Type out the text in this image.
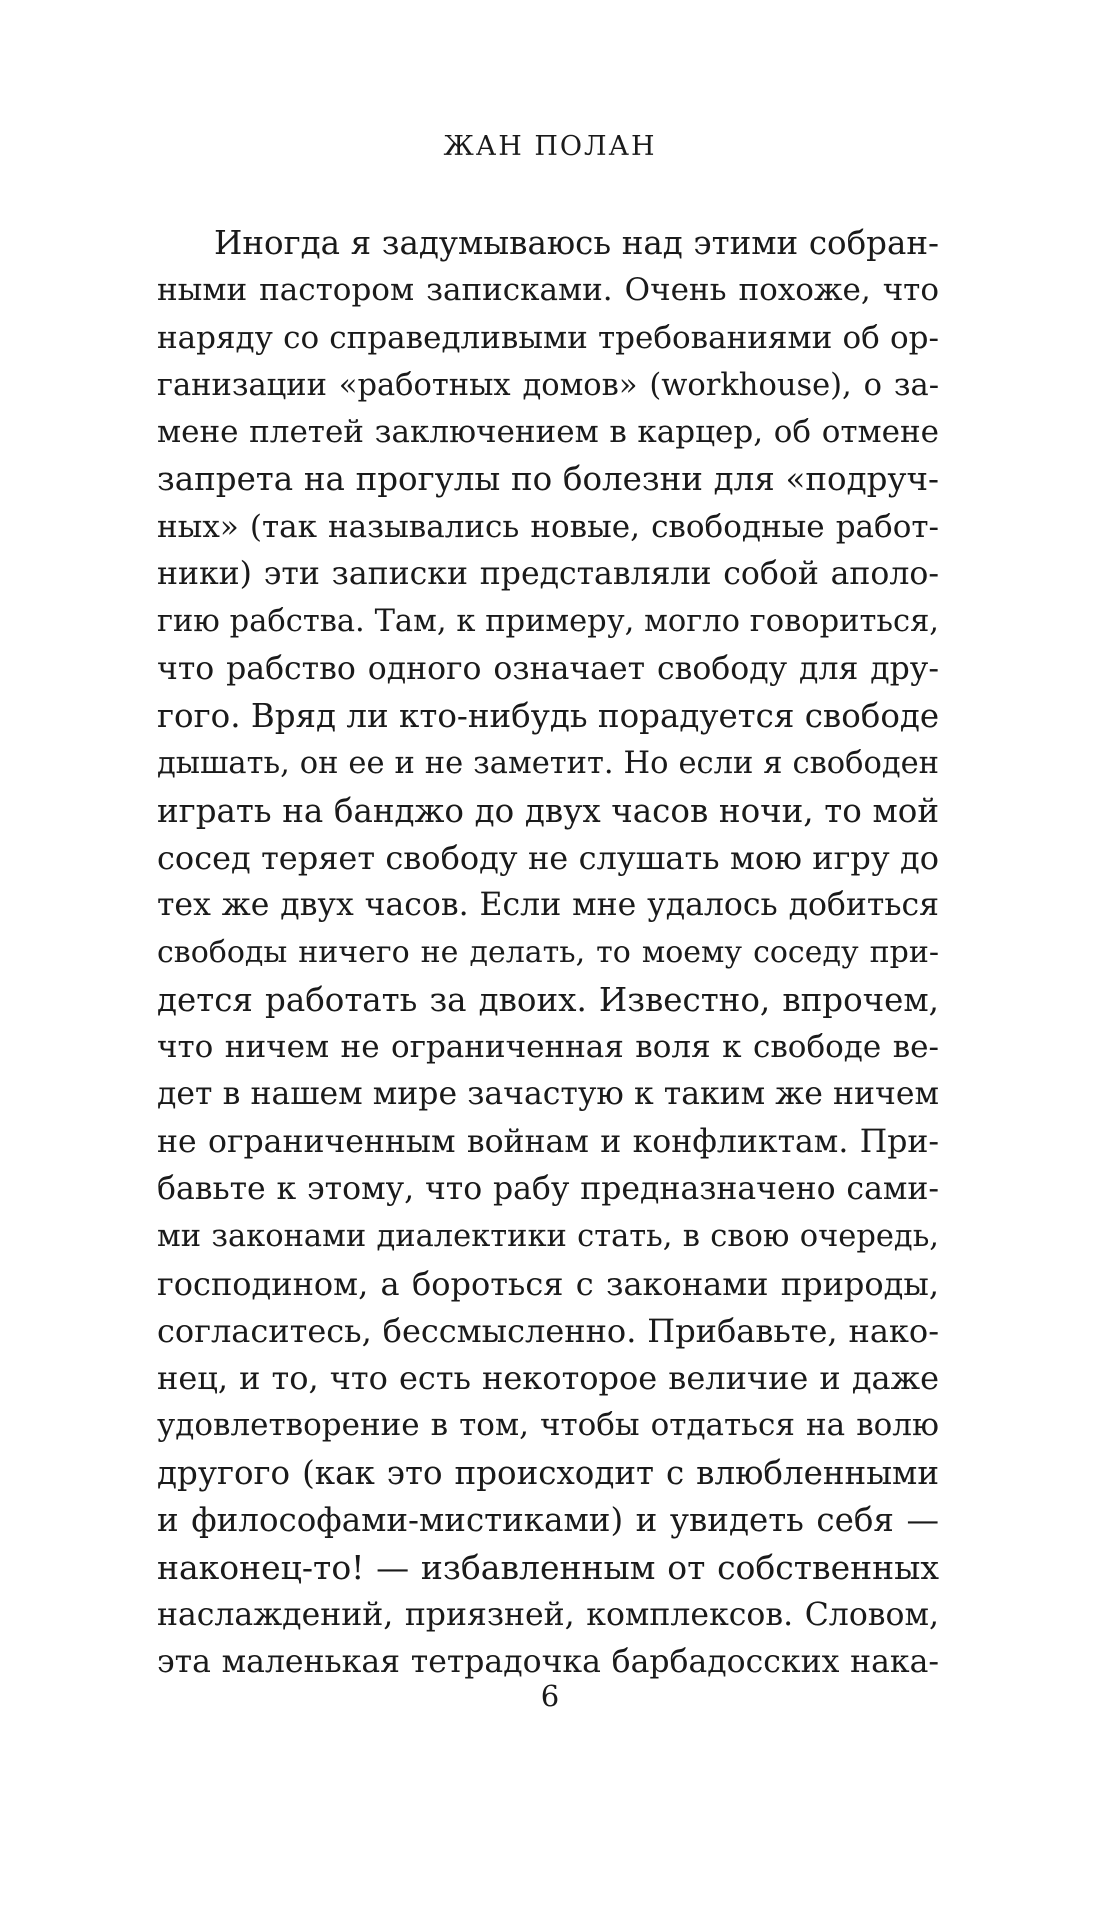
ЖАН ПОЛАН
Иногда я задумываюсь над этими собран-
ными пастором записками. Очень похоже, что
наряду со справедливыми требованиями об ор-
ганизации «работных домов» (workhouse), о за-
мене плетей заключением в карцер, об отмене
запрета на прогулы по болезни для «подруч-
ных» (так назывались новые, свободные работ-
ники) эти записки представляли собой аполо-
гию рабства. Там, к примеру, могло говориться,
что рабство одного означает свободу для дру-
гого. Вряд ли кто-нибудь порадуется свободе
дышать, он ее и не заметит. Но если я свободен
играть на банджо до двух часов ночи, то мой
сосед теряет свободу не слушать мою игру до
тех же двух часов. Если мне удалось добиться
свободы ничего не делать, то моему соседу при-
дется работать за двоих. Известно, впрочем,
что ничем не ограниченная воля к свободе ве-
дет в нашем мире зачастую к таким же ничем
не ограниченным войнам и конфликтам. При-
бавьте к этому, что рабу предназначено сами-
ми законами диалектики стать, в свою очередь,
господином, а бороться с законами природы,
согласитесь, бессмысленно. Прибавьте, нако-
нец, и то, что есть некоторое величие и даже
удовлетворение в том, чтобы отдаться на волю
другого (как это происходит с влюбленными
и философами-мистиками) и увидеть себя —
наконец-то! — избавленным от собственных
наслаждений, приязней, комплексов. Словом,
эта маленькая тетрадочка барбадосских нака-
6
